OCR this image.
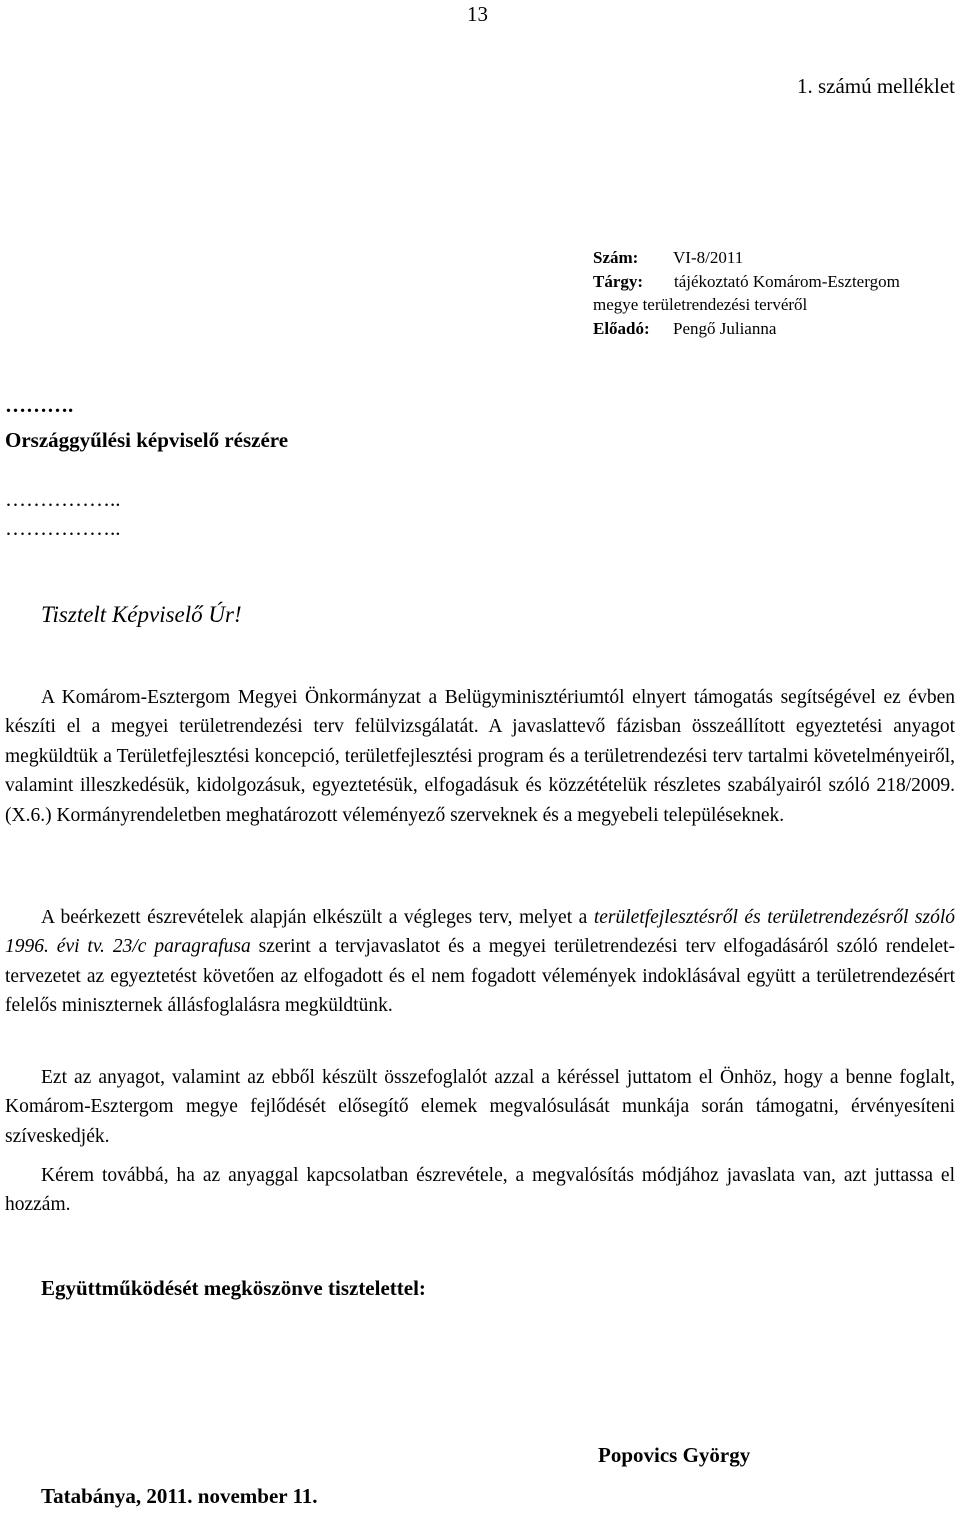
13
1. számú melléklet
Szám: VI-8/2011
Tárgy: tájékoztató Komárom-Esztergom
megye területrendezési tervéről
Előadó: Pengő Julianna
……….
Országgyűlési képviselő részére
……………..
……………..
Tisztelt Képviselő Úr!

A Komárom-Esztergom Megyei Önkormányzat a Belügyminisztériumtól elnyert támogatás segítségével ez évben készíti el a megyei területrendezési terv felülvizsgálatát. A javaslattevő fázisban összeállított egyeztetési anyagot megküldtük a Területfejlesztési koncepció, területfejlesztési program és a területrendezési terv tartalmi követelményeiről, valamint illeszkedésük, kidolgozásuk, egyeztetésük, elfogadásuk és közzétételük részletes szabályairól szóló 218/2009. (X.6.) Kormányrendeletben meghatározott véleményező szerveknek és a megyebeli településeknek.

A beérkezett észrevételek alapján elkészült a végleges terv, melyet a területfejlesztésről és területrendezésről szóló 1996. évi tv. 23/c paragrafusa szerint a tervjavaslatot és a megyei területrendezési terv elfogadásáról szóló rendelet-tervezetet az egyeztetést követően az elfogadott és el nem fogadott vélemények indoklásával együtt a területrendezésért felelős miniszternek állásfoglalásra megküldtünk.

Ezt az anyagot, valamint az ebből készült összefoglalót azzal a kéréssel juttatom el Önhöz, hogy a benne foglalt, Komárom-Esztergom megye fejlődését elősegítő elemek megvalósulását munkája során támogatni, érvényesíteni szíveskedjék.

Kérem továbbá, ha az anyaggal kapcsolatban észrevétele, a megvalósítás módjához javaslata van, azt juttassa el hozzám.

Együttműködését megköszönve tisztelettel:
Popovics György
Tatabánya, 2011. november 11.
